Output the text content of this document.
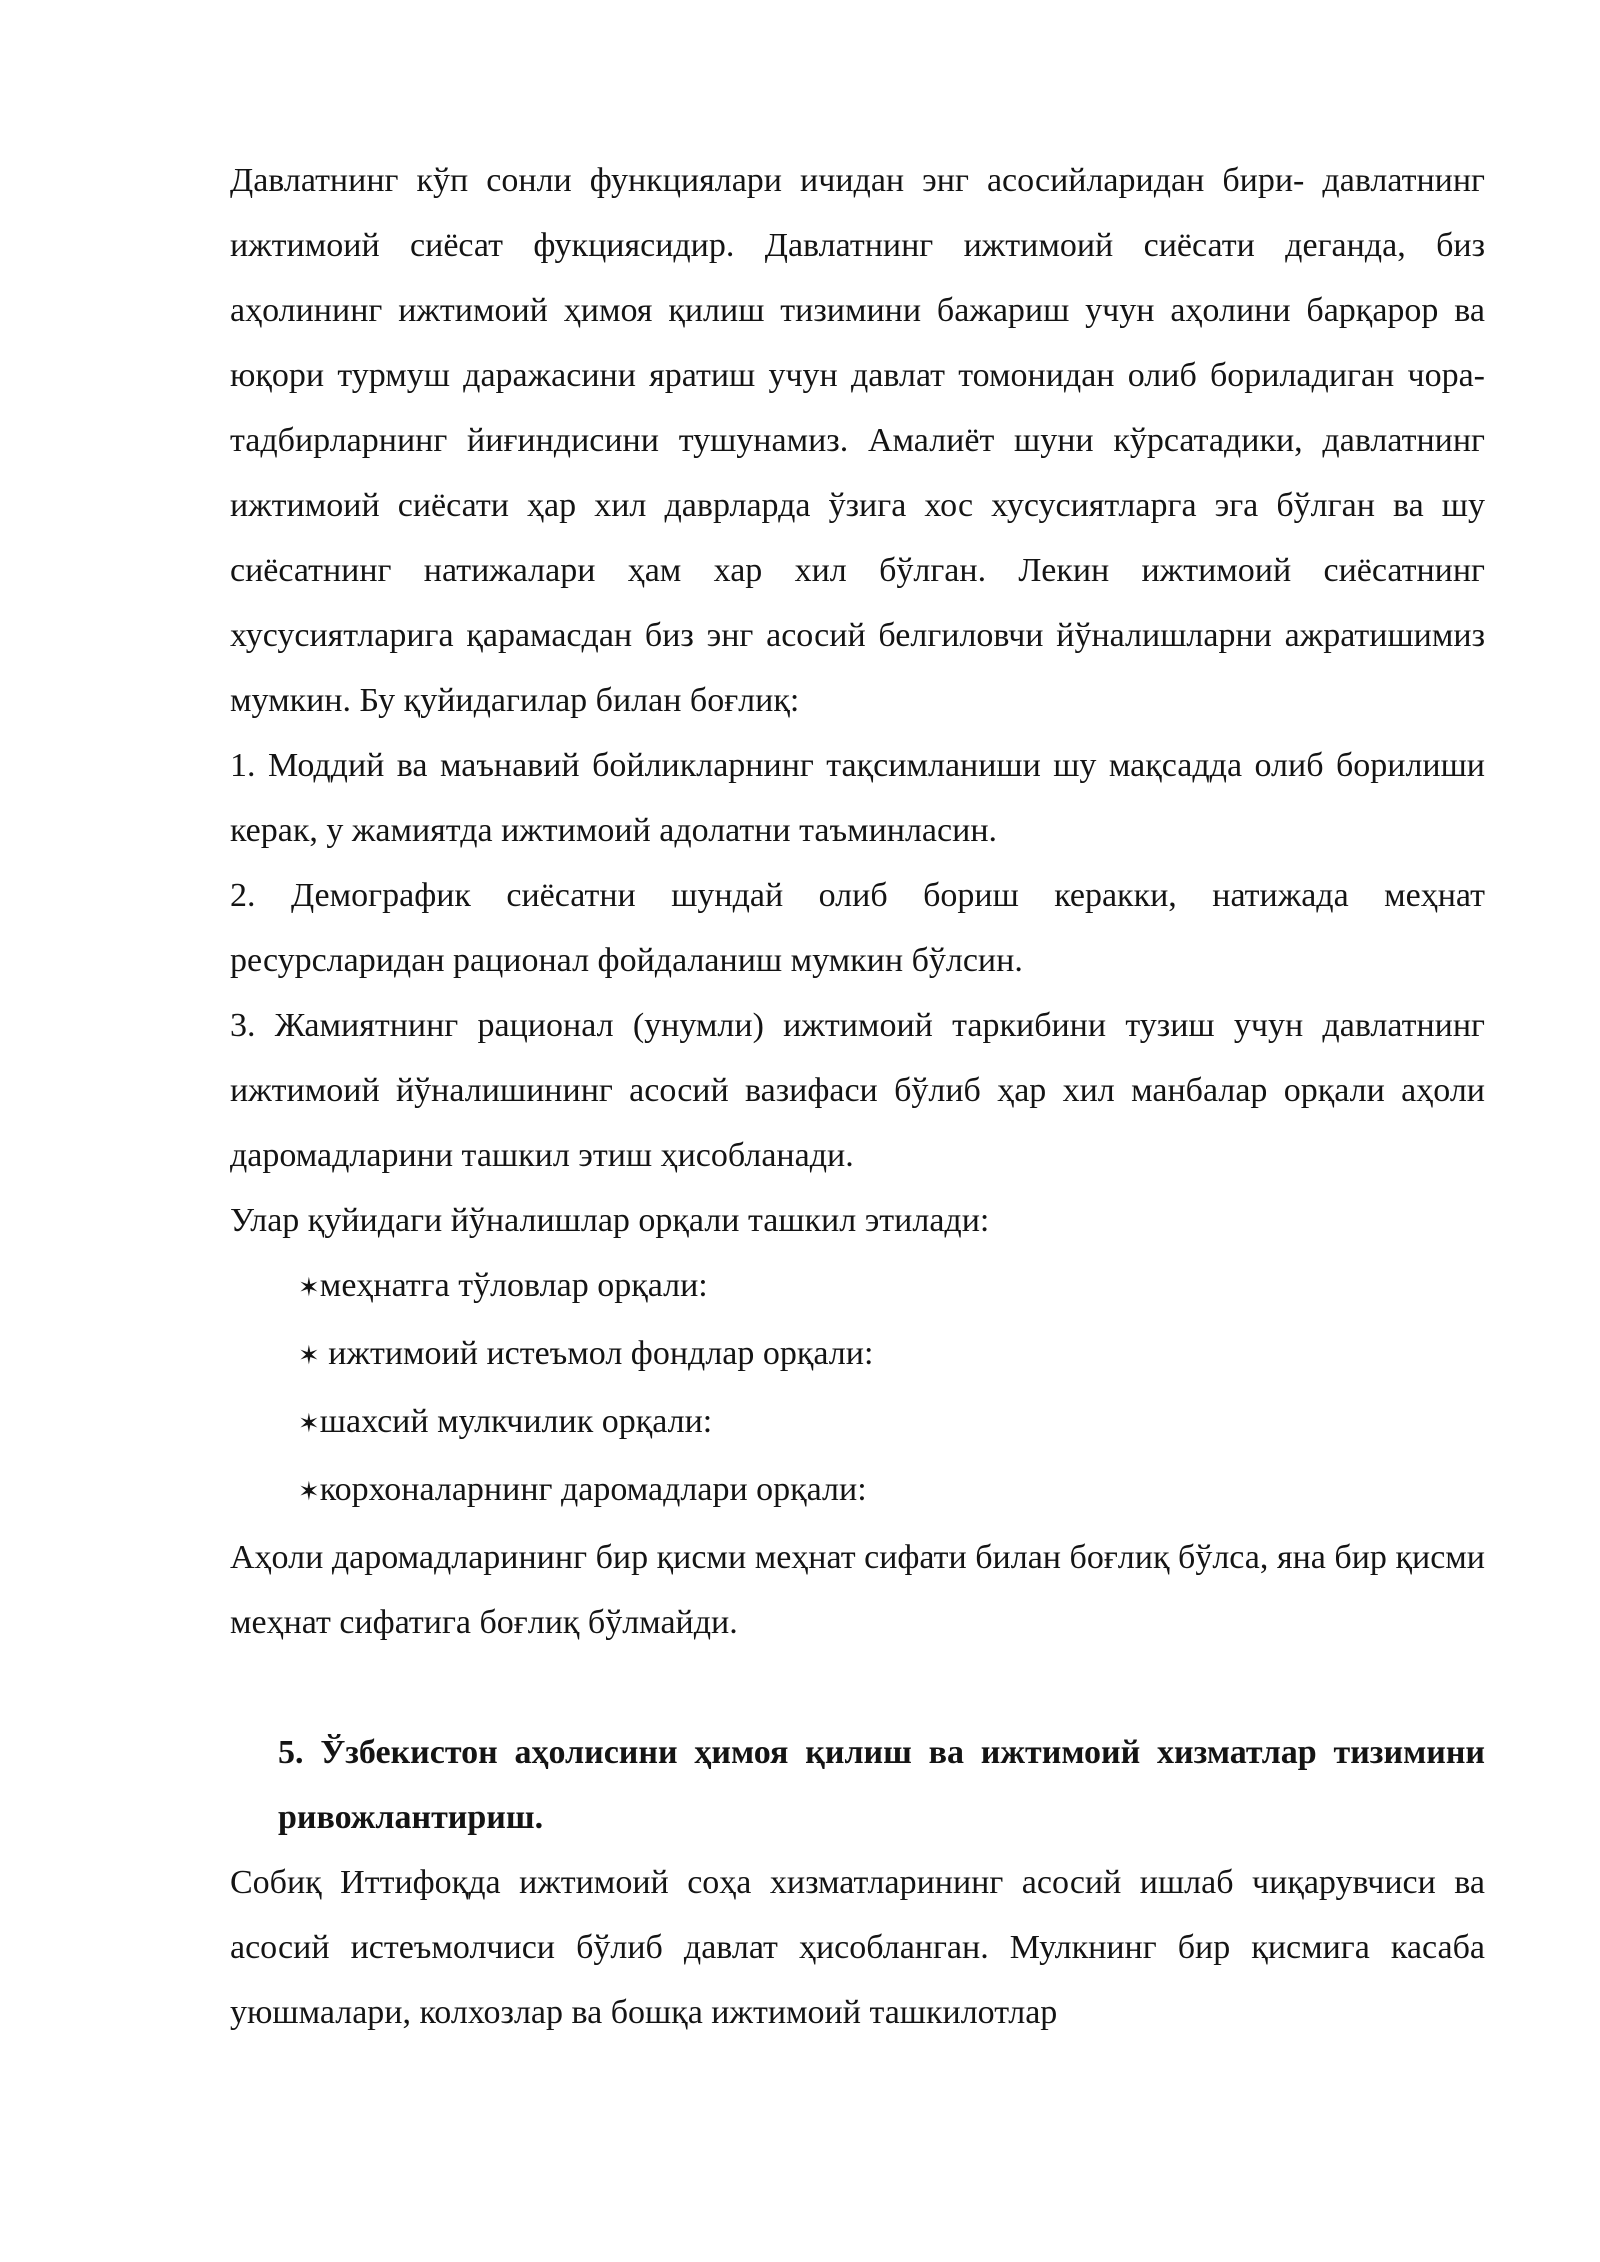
Давлатнинг кўп сонли функциялари ичидан энг асосийларидан бири- давлатнинг ижтимоий сиёсат фукциясидир. Давлатнинг ижтимоий сиёсати деганда, биз аҳолининг ижтимоий ҳимоя қилиш тизимини бажариш учун аҳолини барқарор ва юқори турмуш даражасини яратиш учун давлат томонидан олиб бориладиган чора-тадбирларнинг йиғиндисини тушунамиз. Амалиёт шуни кўрсатадики, давлатнинг ижтимоий сиёсати ҳар хил даврларда ўзига хос хусусиятларга эга бўлган ва шу сиёсатнинг натижалари ҳам хар хил бўлган. Лекин ижтимоий сиёсатнинг хусусиятларига қарамасдан биз энг асосий белгиловчи йўналишларни ажратишимиз мумкин. Бу қуйидагилар билан боғлиқ:

1. Моддий ва маънавий бойликларнинг тақсимланиши шу мақсадда олиб борилиши керак, у жамиятда ижтимоий адолатни таъминласин.

2. Демографик сиёсатни шундай олиб бориш керакки, натижада меҳнат ресурсларидан рационал фойдаланиш мумкин бўлсин.

3. Жамиятнинг рационал (унумли) ижтимоий таркибини тузиш учун давлатнинг ижтимоий йўналишининг асосий вазифаси бўлиб ҳар хил манбалар орқали аҳоли даромадларини ташкил этиш ҳисобланади.

Улар қуйидаги йўналишлар орқали ташкил этилади:

✶меҳнатга тўловлар орқали:
✶ ижтимоий истеъмол фондлар орқали:
✶шахсий мулкчилик орқали:
✶корхоналарнинг даромадлари орқали:

Аҳоли даромадларининг бир қисми меҳнат сифати билан боғлиқ бўлса, яна бир қисми меҳнат сифатига боғлиқ бўлмайди.

5. Ўзбекистон аҳолисини ҳимоя қилиш ва ижтимоий хизматлар тизимини ривожлантириш.

Собиқ Иттифоқда ижтимоий соҳа хизматларининг асосий ишлаб чиқарувчиси ва асосий истеъмолчиси бўлиб давлат ҳисобланган. Мулкнинг бир қисмига касаба уюшмалари, колхозлар ва бошқа ижтимоий ташкилотлар
